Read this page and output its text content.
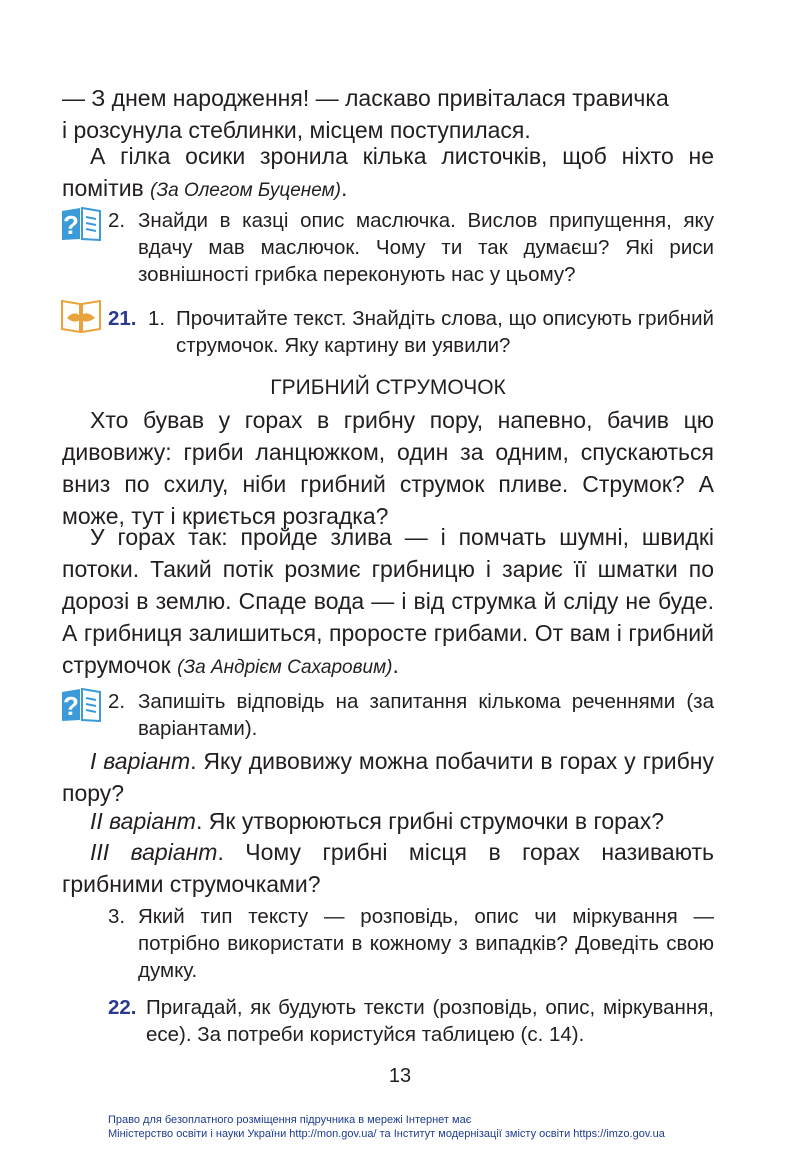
— З днем народження! — ласкаво привіталася травичка
і розсунула стеблинки, місцем поступилася.

А гілка осики зронила кілька листочків, щоб ніхто не помітив (За Олегом Буценем).

? 2. Знайди в казці опис маслючка. Вислов припущення, яку вдачу мав маслючок. Чому ти так думаєш? Які риси зовнішності грибка переконують нас у цьому?
21. 1. Прочитайте текст. Знайдіть слова, що описують грибний струмочок. Яку картину ви уявили?
ГРИБНИЙ СТРУМОЧОК

Хто бував у горах в грибну пору, напевно, бачив цю дивовижу: гриби ланцюжком, один за одним, спускаються вниз по схилу, ніби грибний струмок пливе. Струмок? А може, тут і криється розгадка?

У горах так: пройде злива — і помчать шумні, швидкі потоки. Такий потік розмиє грибницю і зариє її шматки по дорозі в землю. Спаде вода — і від струмка й сліду не буде. А грибниця залишиться, проросте грибами. От вам і грибний струмочок (За Андрієм Сахаровим).

? 2. Запишіть відповідь на запитання кількома реченнями (за варіантами).

І варіант. Яку дивовижу можна побачити в горах у грибну пору?

ІІ варіант. Як утворюються грибні струмочки в горах?

ІІІ варіант. Чому грибні місця в горах називають грибними струмочками?

3. Який тип тексту — розповідь, опис чи міркування — потрібно використати в кожному з випадків? Доведіть свою думку.
22. Пригадай, як будують тексти (розповідь, опис, міркування, есе). За потреби користуйся таблицею (с. 14).
13
Право для безоплатного розміщення підручника в мережі Інтернет має
Міністерство освіти і науки України http://mon.gov.ua/ та Інститут модернізації змісту освіти https://imzo.gov.ua
